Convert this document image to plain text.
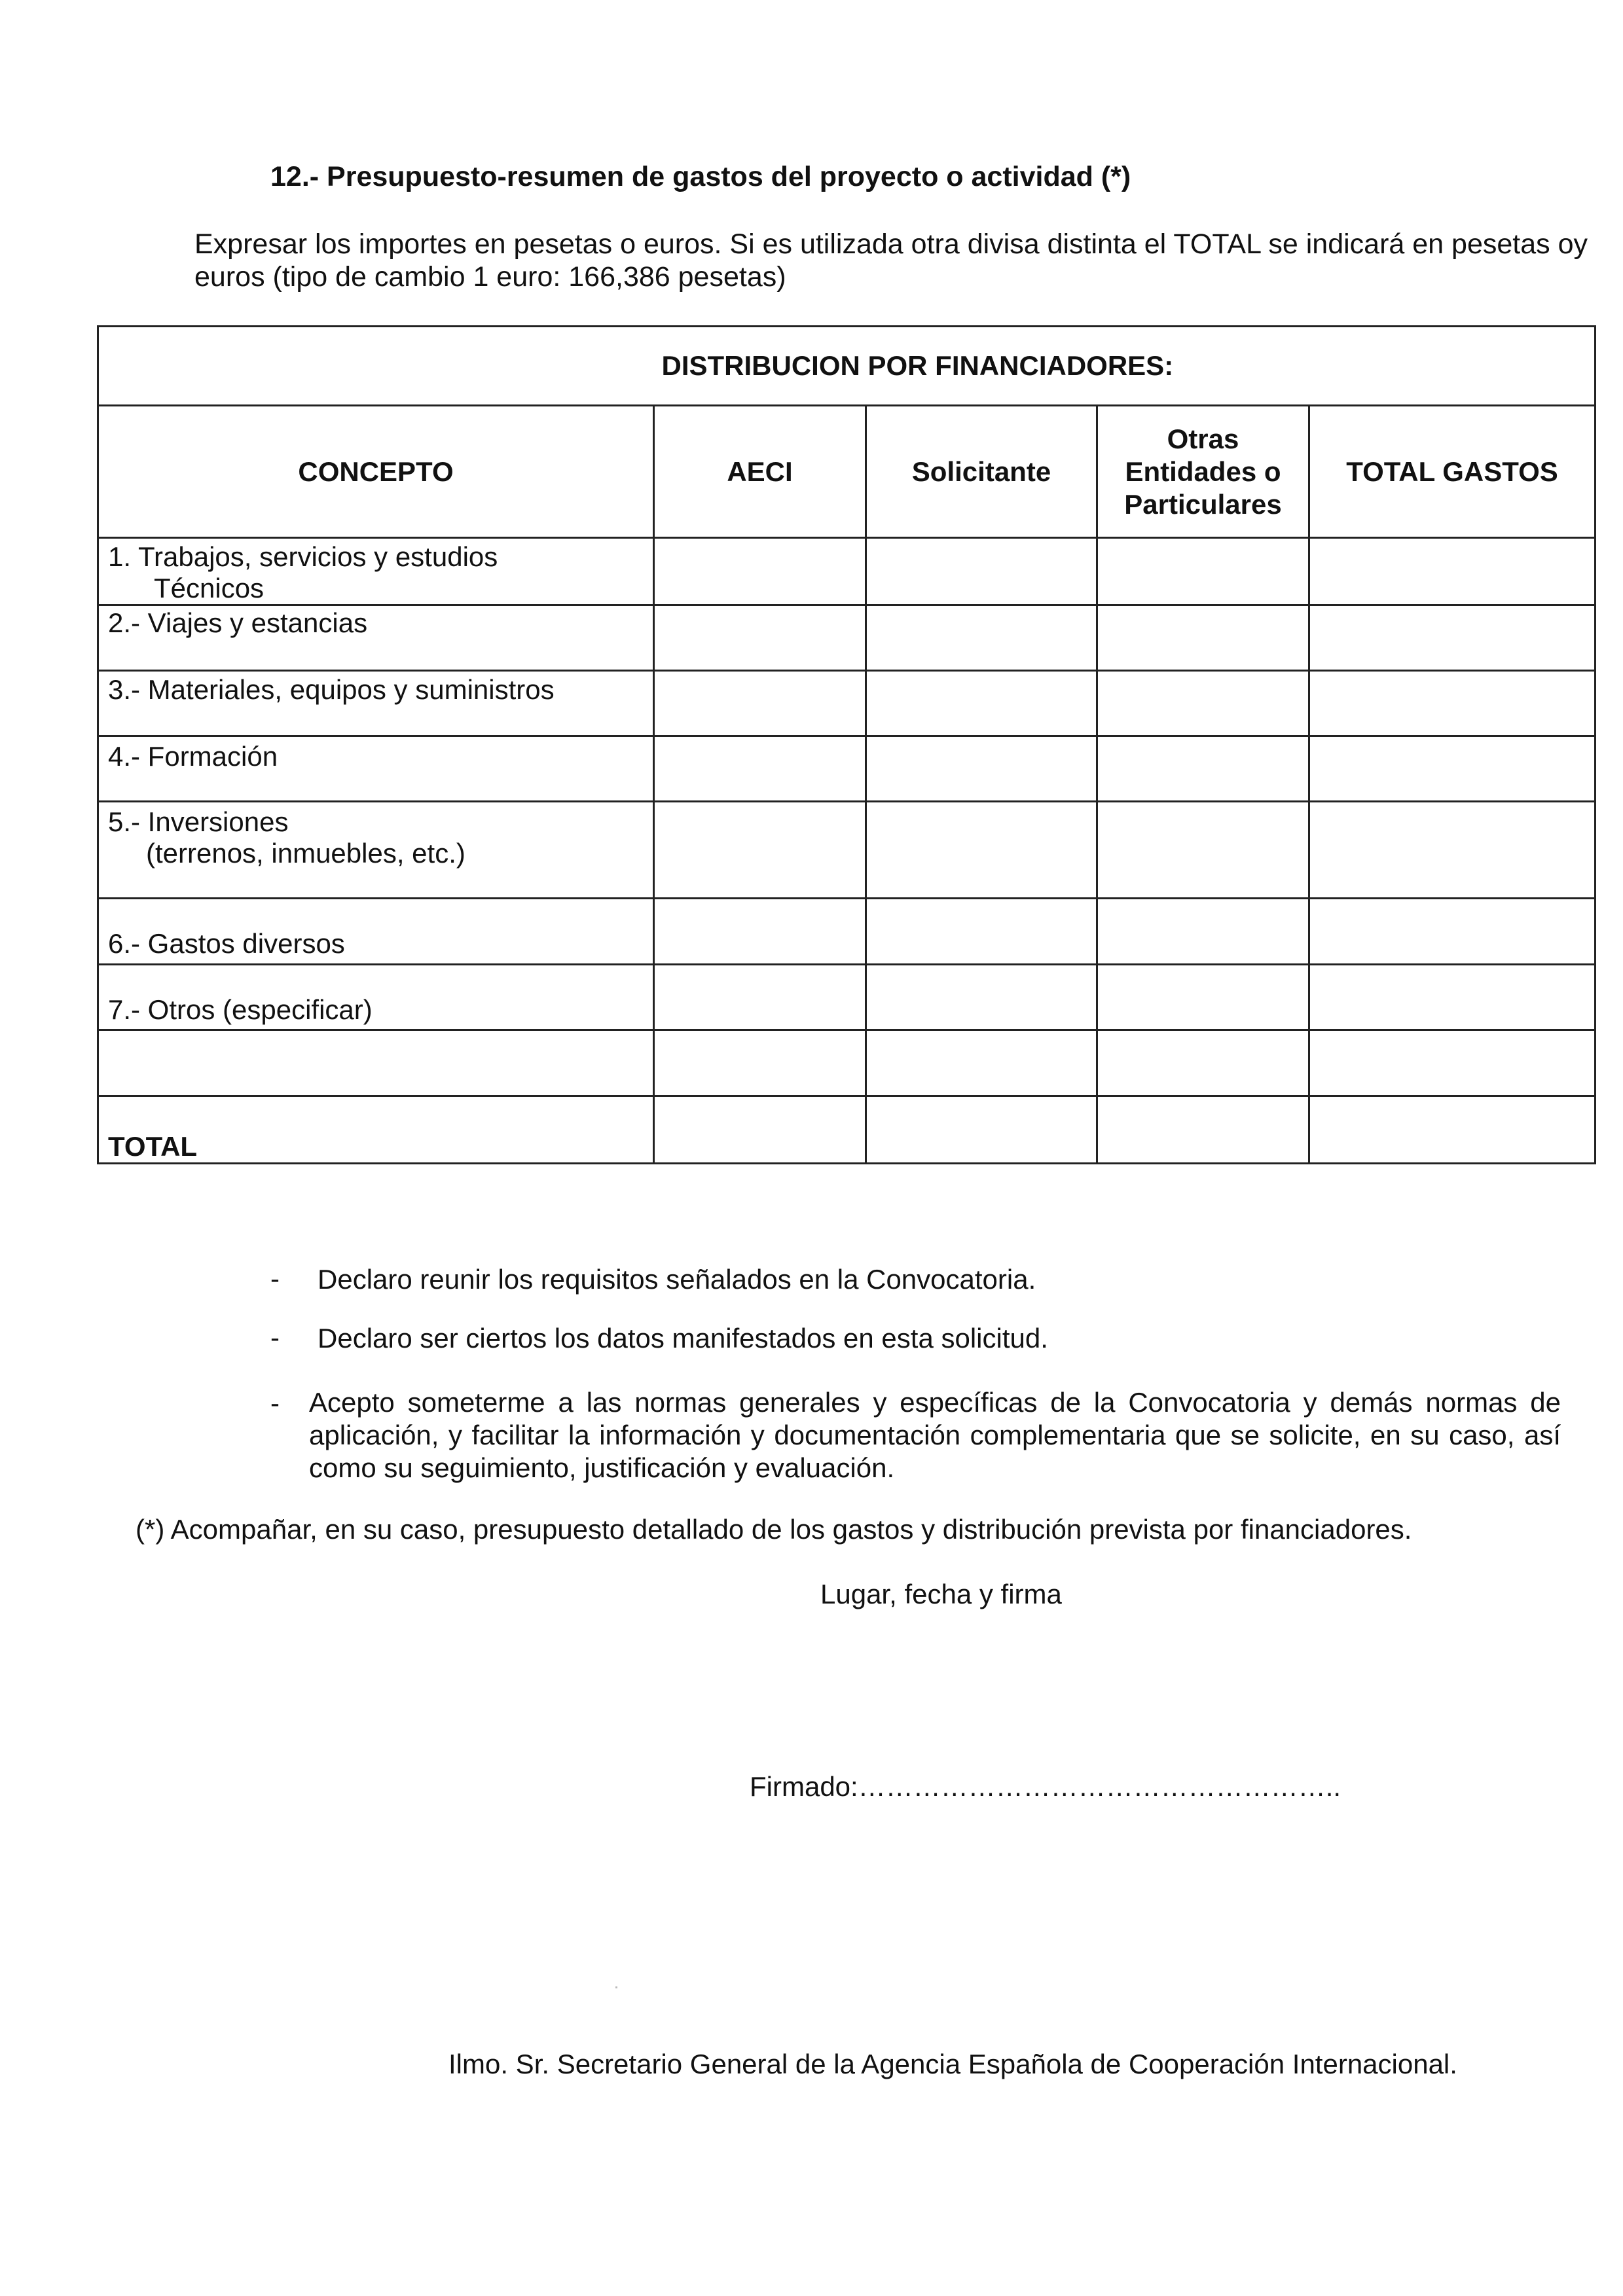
12.- Presupuesto-resumen de gastos del proyecto o actividad (*)
Expresar los importes en pesetas o euros. Si es utilizada otra divisa distinta el TOTAL se indicará en pesetas oy
euros (tipo de cambio 1 euro: 166,386 pesetas)
	DISTRIBUCION POR FINANCIADORES:			
CONCEPTO	AECI	Solicitante	Otras
Entidades o
Particulares	TOTAL GASTOS

1. Trabajos, servicios y estudios
Técnicos				

2.- Viajes y estancias				

3.- Materiales, equipos y suministros				

4.- Formación				

5.- Inversiones
(terrenos, inmuebles, etc.)				

6.- Gastos diversos				

7.- Otros (especificar)				

TOTAL				

- Declaro reunir los requisitos señalados en la Convocatoria.
- Declaro ser ciertos los datos manifestados en esta solicitud.
- Acepto someterme a las normas generales y específicas de la Convocatoria y demás normas de
aplicación, y facilitar la información y documentación complementaria que se solicite, en su caso, así
como su seguimiento, justificación y evaluación.
(*) Acompañar, en su caso, presupuesto detallado de los gastos y distribución prevista por financiadores.
Lugar, fecha y firma
Firmado:……………………………………………..
Ilmo. Sr. Secretario General de la Agencia Española de Cooperación Internacional.
